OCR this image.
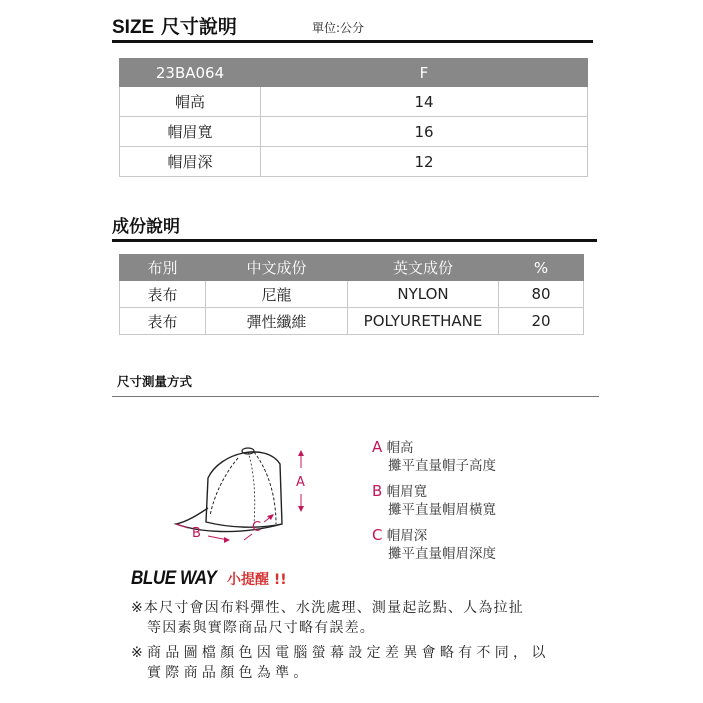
SIZE 尺寸說明	單位:公分
23BA064	F
帽高	14
帽眉寬	16
帽眉深	12
成份說明
布別	中文成份	英文成份	%
表布	尼龍	NYLON	80
表布	彈性纖維	POLYURETHANE	20
尺寸測量方式
A
B	C
A 帽高
攤平直量帽子高度
B 帽眉寬
攤平直量帽眉橫寬
C 帽眉深
攤平直量帽眉深度
BLUE WAY 小提醒 !!
※本尺寸會因布料彈性、水洗處理、測量起訖點、人為拉扯
等因素與實際商品尺寸略有誤差。
※商品圖檔顏色因電腦螢幕設定差異會略有不同，以
實際商品顏色為準。
